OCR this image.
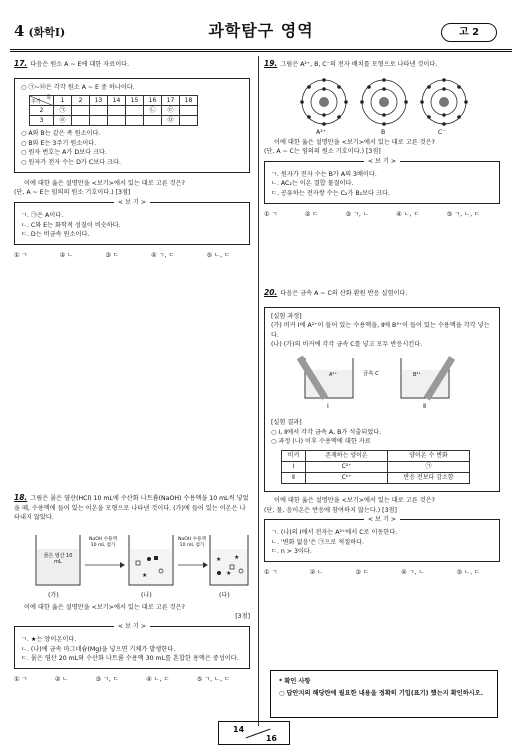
4 (화학Ⅰ)	과학탐구 영역	고 2
17. 다음은 원소 A ~ E에 대한 자료이다.
○ ㉠~㉤은 각각 원소 A ~ E 중 하나이다.
족
주기	1	2	13	14	15	16	17	18
2	㉠					㉡	㉢	
3	㉣						㉤	
○ A와 B는 같은 족 원소이다.
○ B와 E는 3주기 원소이다.
○ 원자 번호는 A가 D보다 크다.
○ 원자가 전자 수는 D가 C보다 크다.
이에 대한 옳은 설명만을 <보기>에서 있는 대로 고른 것은?
(단, A ~ E는 임의의 원소 기호이다.) [3점]
< 보 기 >
ㄱ. ㉠은 A이다.
ㄴ. C와 E는 화학적 성질이 비슷하다.
ㄷ. D는 비금속 원소이다.
① ㄱ	② ㄴ	③ ㄷ	④ ㄱ, ㄷ	⑤ ㄴ, ㄷ
18. 그림은 묽은 염산(HCl) 10 mL에 수산화 나트륨(NaOH) 수용액을 10 mL씩 넣었을 때, 수용액에 들어 있는 이온을 모형으로 나타낸 것이다. (가)에 들어 있는 이온은 나타내지 않았다.
★
★ ★
★
묽은 염산 10 mL
NaOH 수용액 10 mL 첨가
NaOH 수용액 10 mL 첨가
(가)	(나)	(다)
이에 대한 옳은 설명만을 <보기>에서 있는 대로 고른 것은?
[3점]
< 보 기 >
ㄱ. ★는 양이온이다.
ㄴ. (나)에 금속 마그네슘(Mg)을 넣으면 기체가 발생한다.
ㄷ. 묽은 염산 20 mL와 수산화 나트륨 수용액 30 mL를 혼합한 용액은 중성이다.
① ㄱ	② ㄴ	③ ㄱ, ㄷ	④ ㄴ, ㄷ	⑤ ㄱ, ㄴ, ㄷ
19. 그림은 A²⁺, B, C⁻의 전자 배치를 모형으로 나타낸 것이다.
A²⁺	B	C⁻
이에 대한 옳은 설명만을 <보기>에서 있는 대로 고른 것은?
(단, A ~ C는 임의의 원소 기호이다.) [3점]
< 보 기 >
ㄱ. 원자가 전자 수는 B가 A의 3배이다.
ㄴ. AC₂는 이온 결합 물질이다.
ㄷ. 공유하는 전자쌍 수는 C₂가 B₂보다 크다.
① ㄱ	② ㄷ	③ ㄱ, ㄴ	④ ㄴ, ㄷ	⑤ ㄱ, ㄴ, ㄷ
20. 다음은 금속 A ~ C의 산화 환원 반응 실험이다.
[실험 과정]
(가) 비커 Ⅰ에 A²⁺이 들어 있는 수용액을, Ⅱ에 B³⁺이 들어 있는 수용액을 각각 넣는다.
(나) (가)의 비커에 각각 금속 C를 넣고 모두 반응시킨다.
금속 C
A²⁺	B³⁺
Ⅰ	Ⅱ
[실험 결과]
○ Ⅰ, Ⅱ에서 각각 금속 A, B가 석출되었다.
○ 과정 (나) 이후 수용액에 대한 자료
비커	존재하는 양이온	양이온 수 변화
Ⅰ	C²⁺	㉠
Ⅱ	Cⁿ⁺	반응 전보다 감소함
이에 대한 옳은 설명만을 <보기>에서 있는 대로 고른 것은?
(단, 물, 음이온은 반응에 참여하지 않는다.) [3점]
< 보 기 >
ㄱ. (나)의 Ⅰ에서 전자는 A²⁺에서 C로 이동한다.
ㄴ. '변화 없음'은 ㉠으로 적절하다.
ㄷ. n > 3이다.
① ㄱ	② ㄴ	③ ㄷ	④ ㄱ, ㄴ	⑤ ㄴ, ㄷ
* 확인 사항
○ 답안지의 해당란에 필요한 내용을 정확히 기입(표기) 했는지 확인하시오.
14
16
